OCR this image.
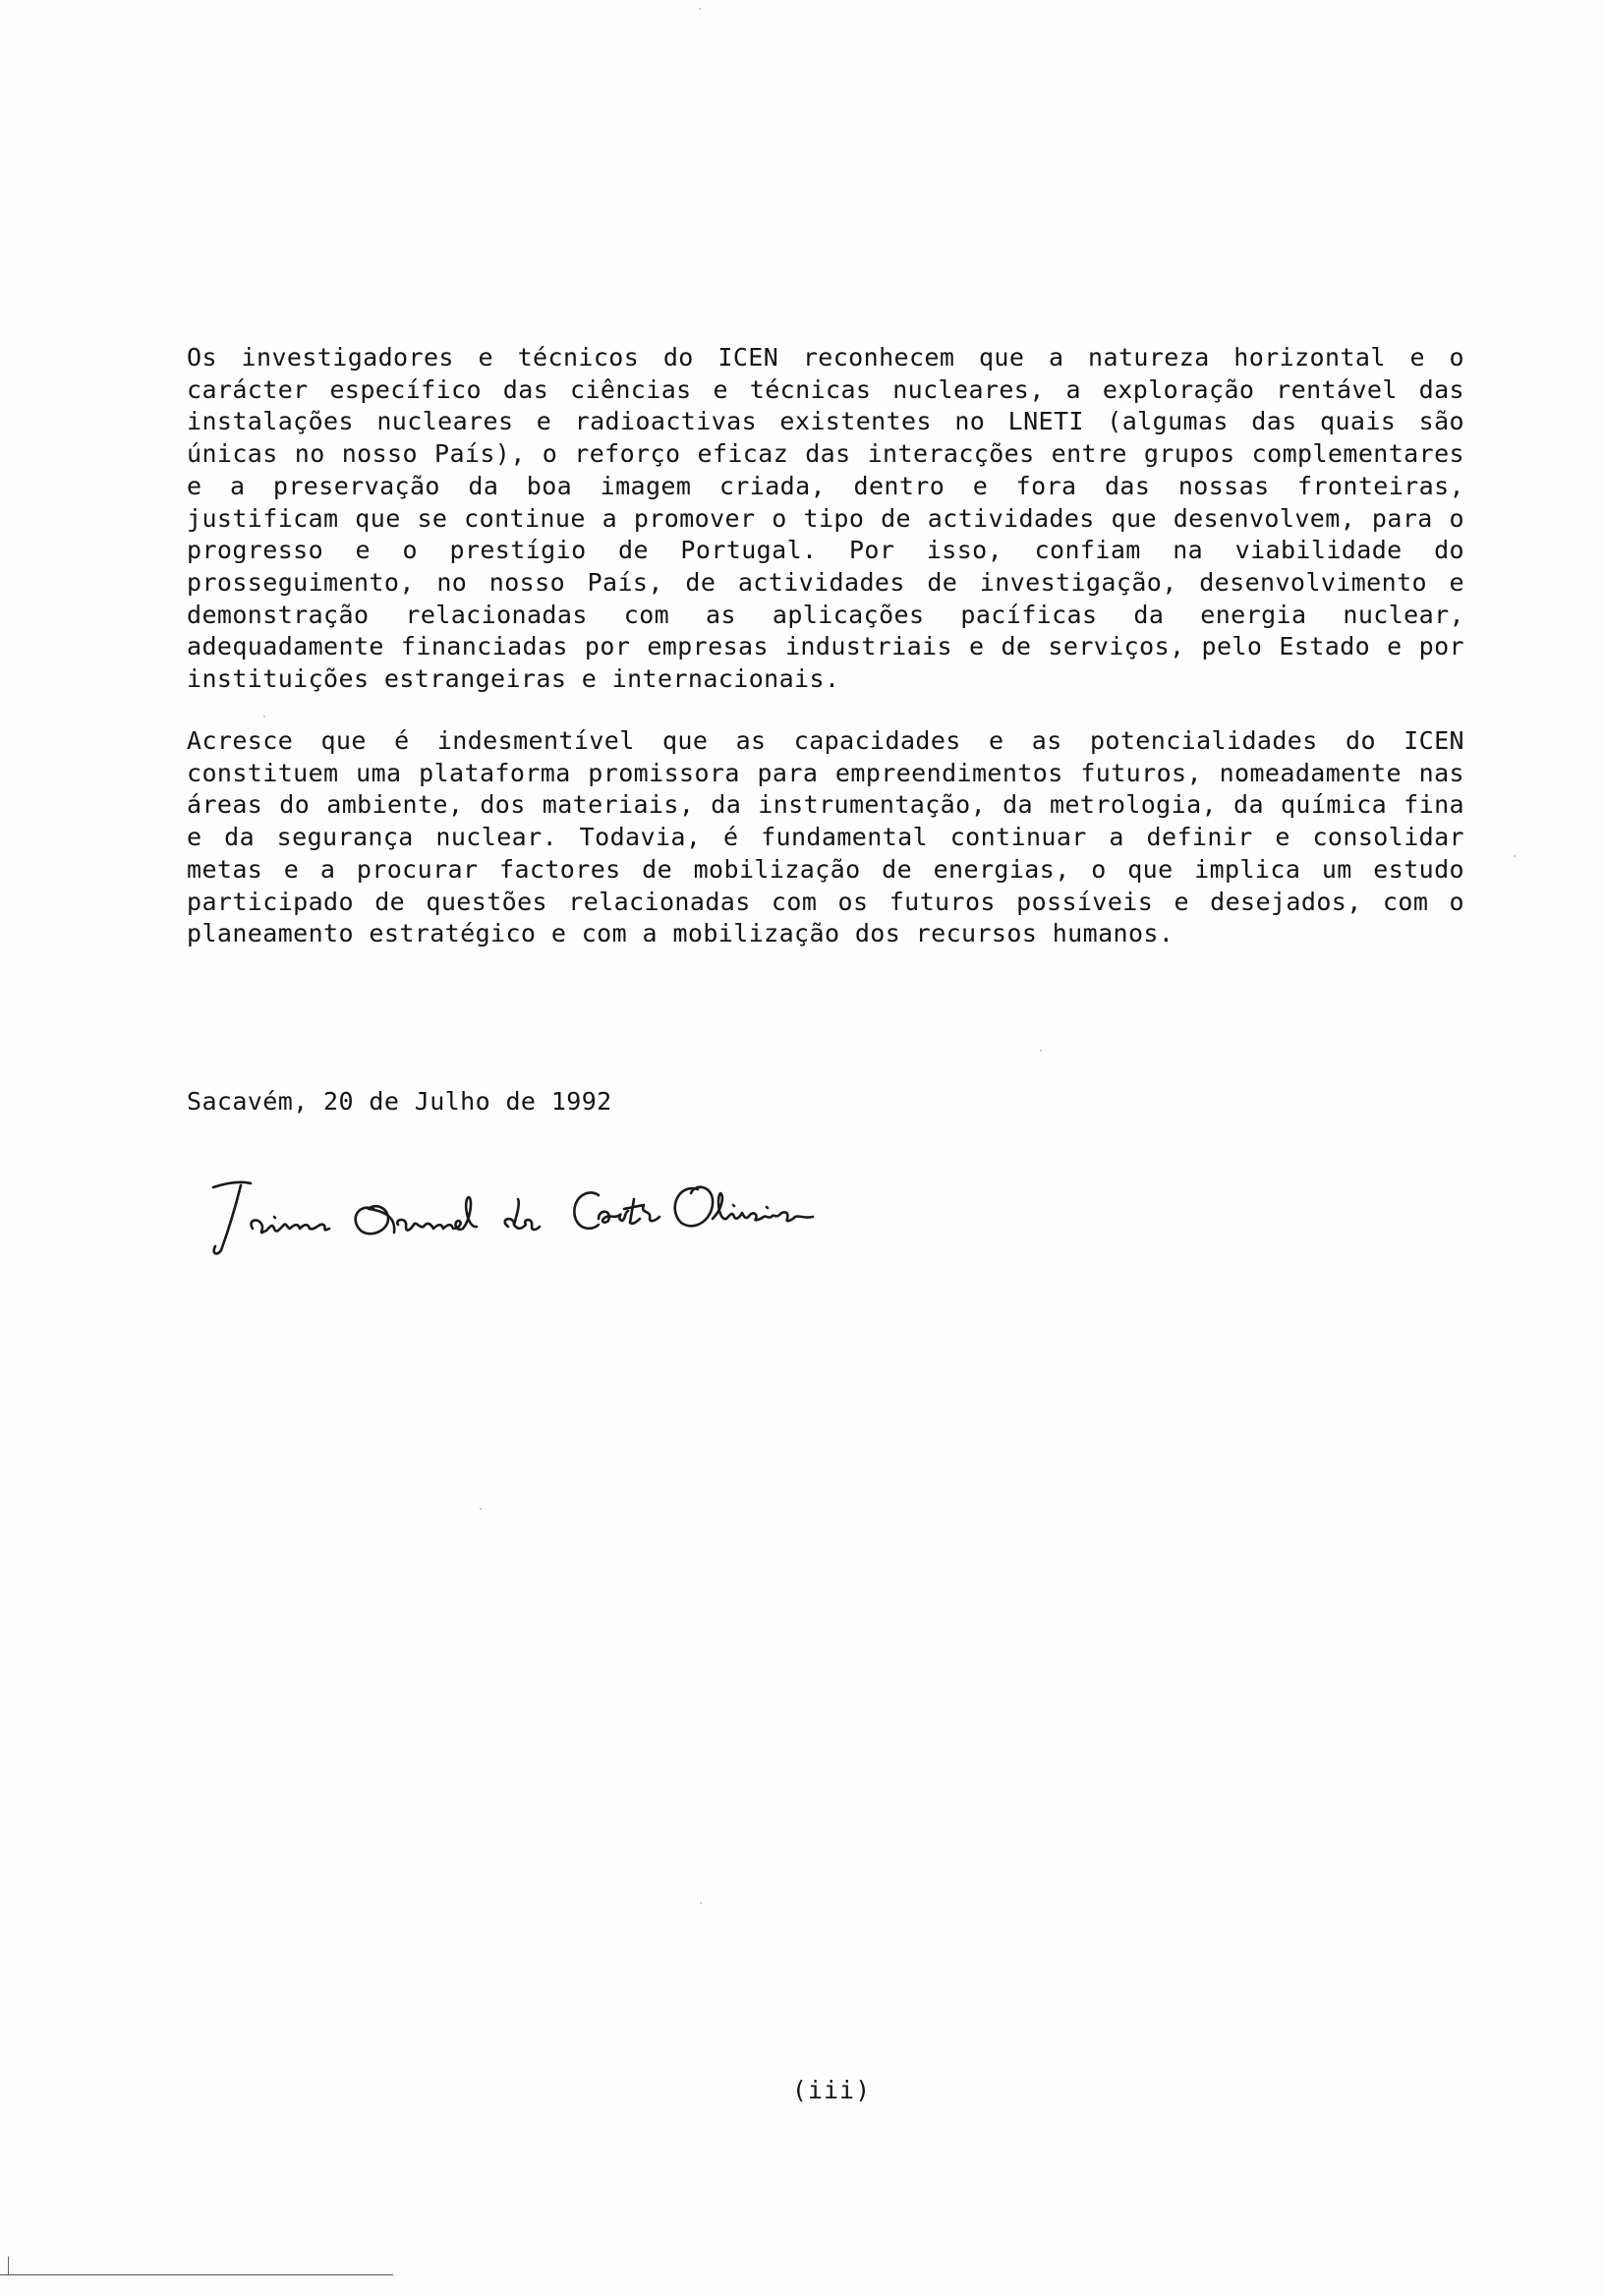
Os investigadores e técnicos do ICEN reconhecem que a natureza horizontal e o carácter específico das ciências e técnicas nucleares, a exploração rentável das instalações nucleares e radioactivas existentes no LNETI (algumas das quais são únicas no nosso País), o reforço eficaz das interacções entre grupos complementares e a preservação da boa imagem criada, dentro e fora das nossas fronteiras, justificam que se continue a promover o tipo de actividades que desenvolvem, para o progresso e o prestígio de Portugal. Por isso, confiam na viabilidade do prosseguimento, no nosso País, de actividades de investigação, desenvolvimento e demonstração relacionadas com as aplicações pacíficas da energia nuclear, adequadamente financiadas por empresas industriais e de serviços, pelo Estado e por instituições estrangeiras e internacionais.

Acresce que é indesmentível que as capacidades e as potencialidades do ICEN constituem uma plataforma promissora para empreendimentos futuros, nomeadamente nas áreas do ambiente, dos materiais, da instrumentação, da metrologia, da química fina e da segurança nuclear. Todavia, é fundamental continuar a definir e consolidar metas e a procurar factores de mobilização de energias, o que implica um estudo participado de questões relacionadas com os futuros possíveis e desejados, com o planeamento estratégico e com a mobilização dos recursos humanos.

Sacavém, 20 de Julho de 1992
(iii)
